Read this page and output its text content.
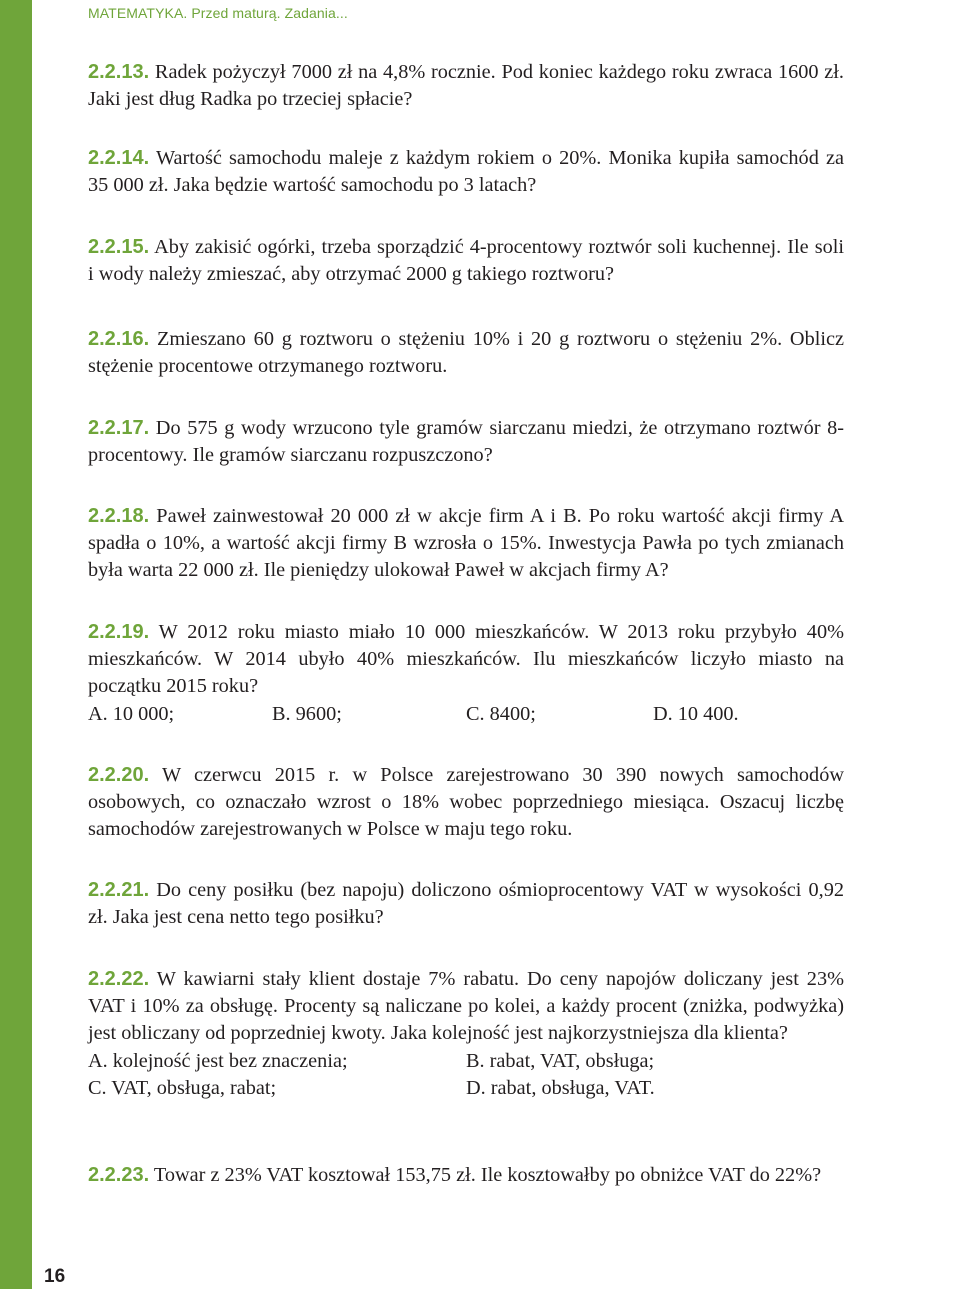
MATEMATYKA. Przed maturą. Zadania...
2.2.13. Radek pożyczył 7000 zł na 4,8% rocznie. Pod koniec każdego roku zwraca 1600 zł. Jaki jest dług Radka po trzeciej spłacie?
2.2.14. Wartość samochodu maleje z każdym rokiem o 20%. Monika kupiła samochód za 35 000 zł. Jaka będzie wartość samochodu po 3 latach?
2.2.15. Aby zakisić ogórki, trzeba sporządzić 4-procentowy roztwór soli kuchennej. Ile soli i wody należy zmieszać, aby otrzymać 2000 g takiego roztworu?
2.2.16. Zmieszano 60 g roztworu o stężeniu 10% i 20 g roztworu o stężeniu 2%. Oblicz stężenie procentowe otrzymanego roztworu.
2.2.17. Do 575 g wody wrzucono tyle gramów siarczanu miedzi, że otrzymano roztwór 8-procentowy. Ile gramów siarczanu rozpuszczono?
2.2.18. Paweł zainwestował 20 000 zł w akcje firm A i B. Po roku wartość akcji firmy A spadła o 10%, a wartość akcji firmy B wzrosła o 15%. Inwestycja Pawła po tych zmianach była warta 22 000 zł. Ile pieniędzy ulokował Paweł w akcjach firmy A?
2.2.19. W 2012 roku miasto miało 10 000 mieszkańców. W 2013 roku przybyło 40% mieszkańców. W 2014 ubyło 40% mieszkańców. Ilu mieszkańców liczyło miasto na początku 2015 roku?
A. 10 000;	B. 9600;	C. 8400;	D. 10 400.
2.2.20. W czerwcu 2015 r. w Polsce zarejestrowano 30 390 nowych samochodów osobowych, co oznaczało wzrost o 18% wobec poprzedniego miesiąca. Oszacuj liczbę samochodów zarejestrowanych w Polsce w maju tego roku.
2.2.21. Do ceny posiłku (bez napoju) doliczono ośmioprocentowy VAT w wysokości 0,92 zł. Jaka jest cena netto tego posiłku?
2.2.22. W kawiarni stały klient dostaje 7% rabatu. Do ceny napojów doliczany jest 23% VAT i 10% za obsługę. Procenty są naliczane po kolei, a każdy procent (zniżka, podwyżka) jest obliczany od poprzedniej kwoty. Jaka kolejność jest najkorzystniejsza dla klienta?
A. kolejność jest bez znaczenia;	B. rabat, VAT, obsługa;
C. VAT, obsługa, rabat;	D. rabat, obsługa, VAT.
2.2.23. Towar z 23% VAT kosztował 153,75 zł. Ile kosztowałby po obniżce VAT do 22%?
16
